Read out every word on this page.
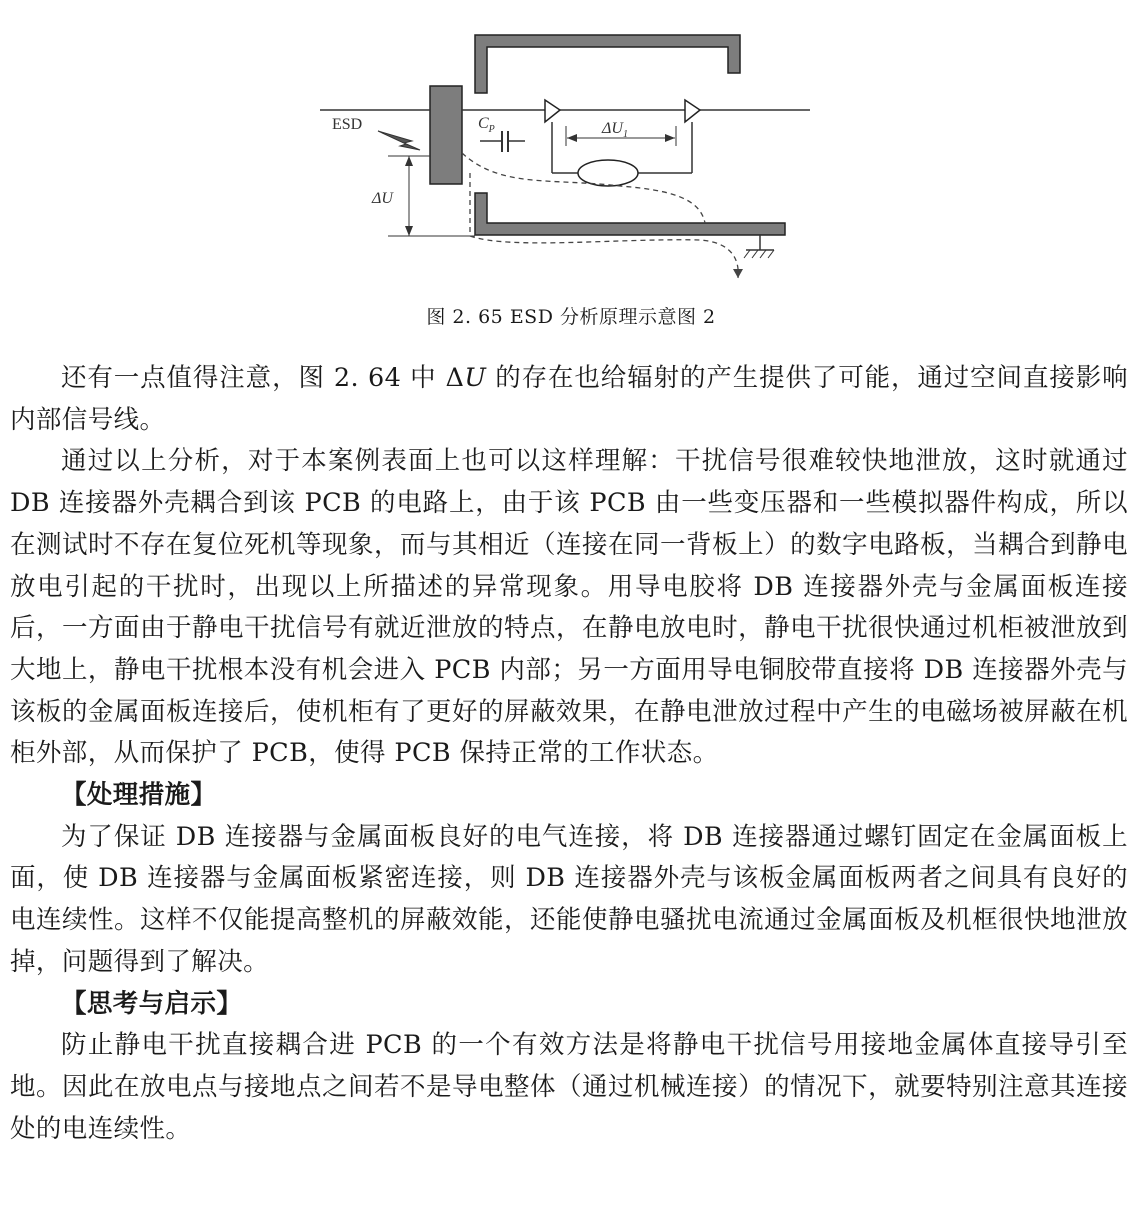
ESD	$C_P$	$\Delta U_1$
ΔU
图 2. 65 ESD 分析原理示意图 2

还有一点值得注意，图 2. 64 中 ΔU 的存在也给辐射的产生提供了可能，通过空间直接影响内部信号线。

通过以上分析，对于本案例表面上也可以这样理解：干扰信号很难较快地泄放，这时就通过 DB 连接器外壳耦合到该 PCB 的电路上，由于该 PCB 由一些变压器和一些模拟器件构成，所以在测试时不存在复位死机等现象，而与其相近（连接在同一背板上）的数字电路板，当耦合到静电放电引起的干扰时，出现以上所描述的异常现象。用导电胶将 DB 连接器外壳与金属面板连接后，一方面由于静电干扰信号有就近泄放的特点，在静电放电时，静电干扰很快通过机柜被泄放到大地上，静电干扰根本没有机会进入 PCB 内部；另一方面用导电铜胶带直接将 DB 连接器外壳与该板的金属面板连接后，使机柜有了更好的屏蔽效果，在静电泄放过程中产生的电磁场被屏蔽在机柜外部，从而保护了 PCB，使得 PCB 保持正常的工作状态。

【处理措施】

为了保证 DB 连接器与金属面板良好的电气连接，将 DB 连接器通过螺钉固定在金属面板上面，使 DB 连接器与金属面板紧密连接，则 DB 连接器外壳与该板金属面板两者之间具有良好的电连续性。这样不仅能提高整机的屏蔽效能，还能使静电骚扰电流通过金属面板及机框很快地泄放掉，问题得到了解决。

【思考与启示】

防止静电干扰直接耦合进 PCB 的一个有效方法是将静电干扰信号用接地金属体直接导引至地。因此在放电点与接地点之间若不是导电整体（通过机械连接）的情况下，就要特别注意其连接处的电连续性。
